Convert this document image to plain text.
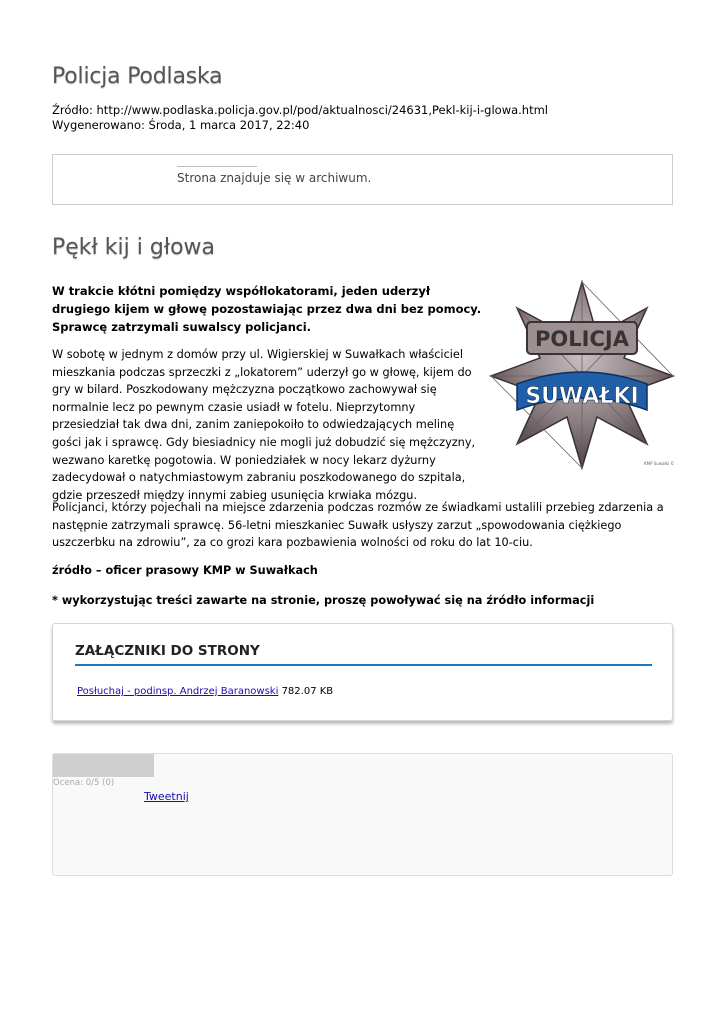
Policja Podlaska
Źródło: http://www.podlaska.policja.gov.pl/pod/aktualnosci/24631,Pekl-kij-i-glowa.html
Wygenerowano: Środa, 1 marca 2017, 22:40
Strona znajduje się w archiwum.
Pękł kij i głowa

W trakcie kłótni pomiędzy współlokatorami, jeden uderzył drugiego kijem w głowę pozostawiając przez dwa dni bez pomocy. Sprawcę zatrzymali suwalscy policjanci.

W sobotę w jednym z domów przy ul. Wigierskiej w Suwałkach właściciel mieszkania podczas sprzeczki z „lokatorem” uderzył go w głowę, kijem do gry w bilard. Poszkodowany mężczyzna początkowo zachowywał się normalnie lecz po pewnym czasie usiadł w fotelu. Nieprzytomny przesiedział tak dwa dni, zanim zaniepokoiło to odwiedzających melinę gości jak i sprawcę. Gdy biesiadnicy nie mogli już dobudzić się mężczyzny, wezwano karetkę pogotowia. W poniedziałek w nocy lekarz dyżurny zadecydował o natychmiastowym zabraniu poszkodowanego do szpitala, gdzie przeszedł między innymi zabieg usunięcia krwiaka mózgu.

POLICJA
SUWAŁKI
KMP Suwałki ©

Policjanci, którzy pojechali na miejsce zdarzenia podczas rozmów ze świadkami ustalili przebieg zdarzenia a następnie zatrzymali sprawcę. 56-letni mieszkaniec Suwałk usłyszy zarzut „spowodowania ciężkiego uszczerbku na zdrowiu”, za co grozi kara pozbawienia wolności od roku do lat 10-ciu.

źródło – oficer prasowy KMP w Suwałkach
* wykorzystując treści zawarte na stronie, proszę powoływać się na źródło informacji
ZAŁĄCZNIKI DO STRONY
Posłuchaj - podinsp. Andrzej Baranowski 782.07 KB
Ocena: 0/5 (0)
Tweetnij
